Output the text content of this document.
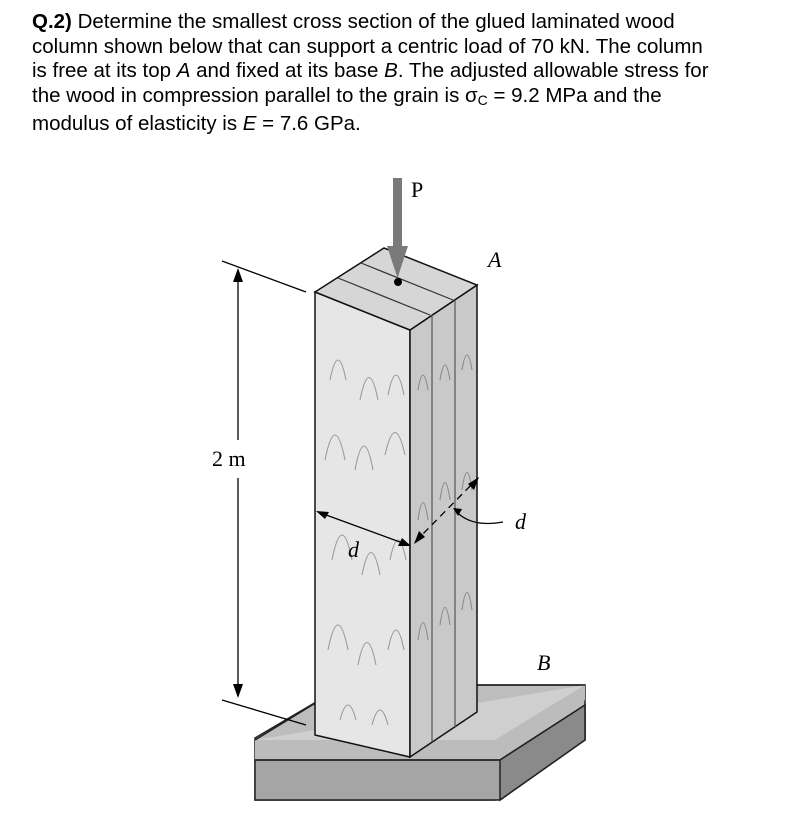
Q.2) Determine the smallest cross section of the glued laminated wood

column shown below that can support a centric load of 70 kN. The column

is free at its top A and fixed at its base B. The adjusted allowable stress for

the wood in compression parallel to the grain is $\sigma_C = 9.2$ MPa and the

modulus of elasticity is E = 7.6 GPa.

P
A
B
2 m
d
d
